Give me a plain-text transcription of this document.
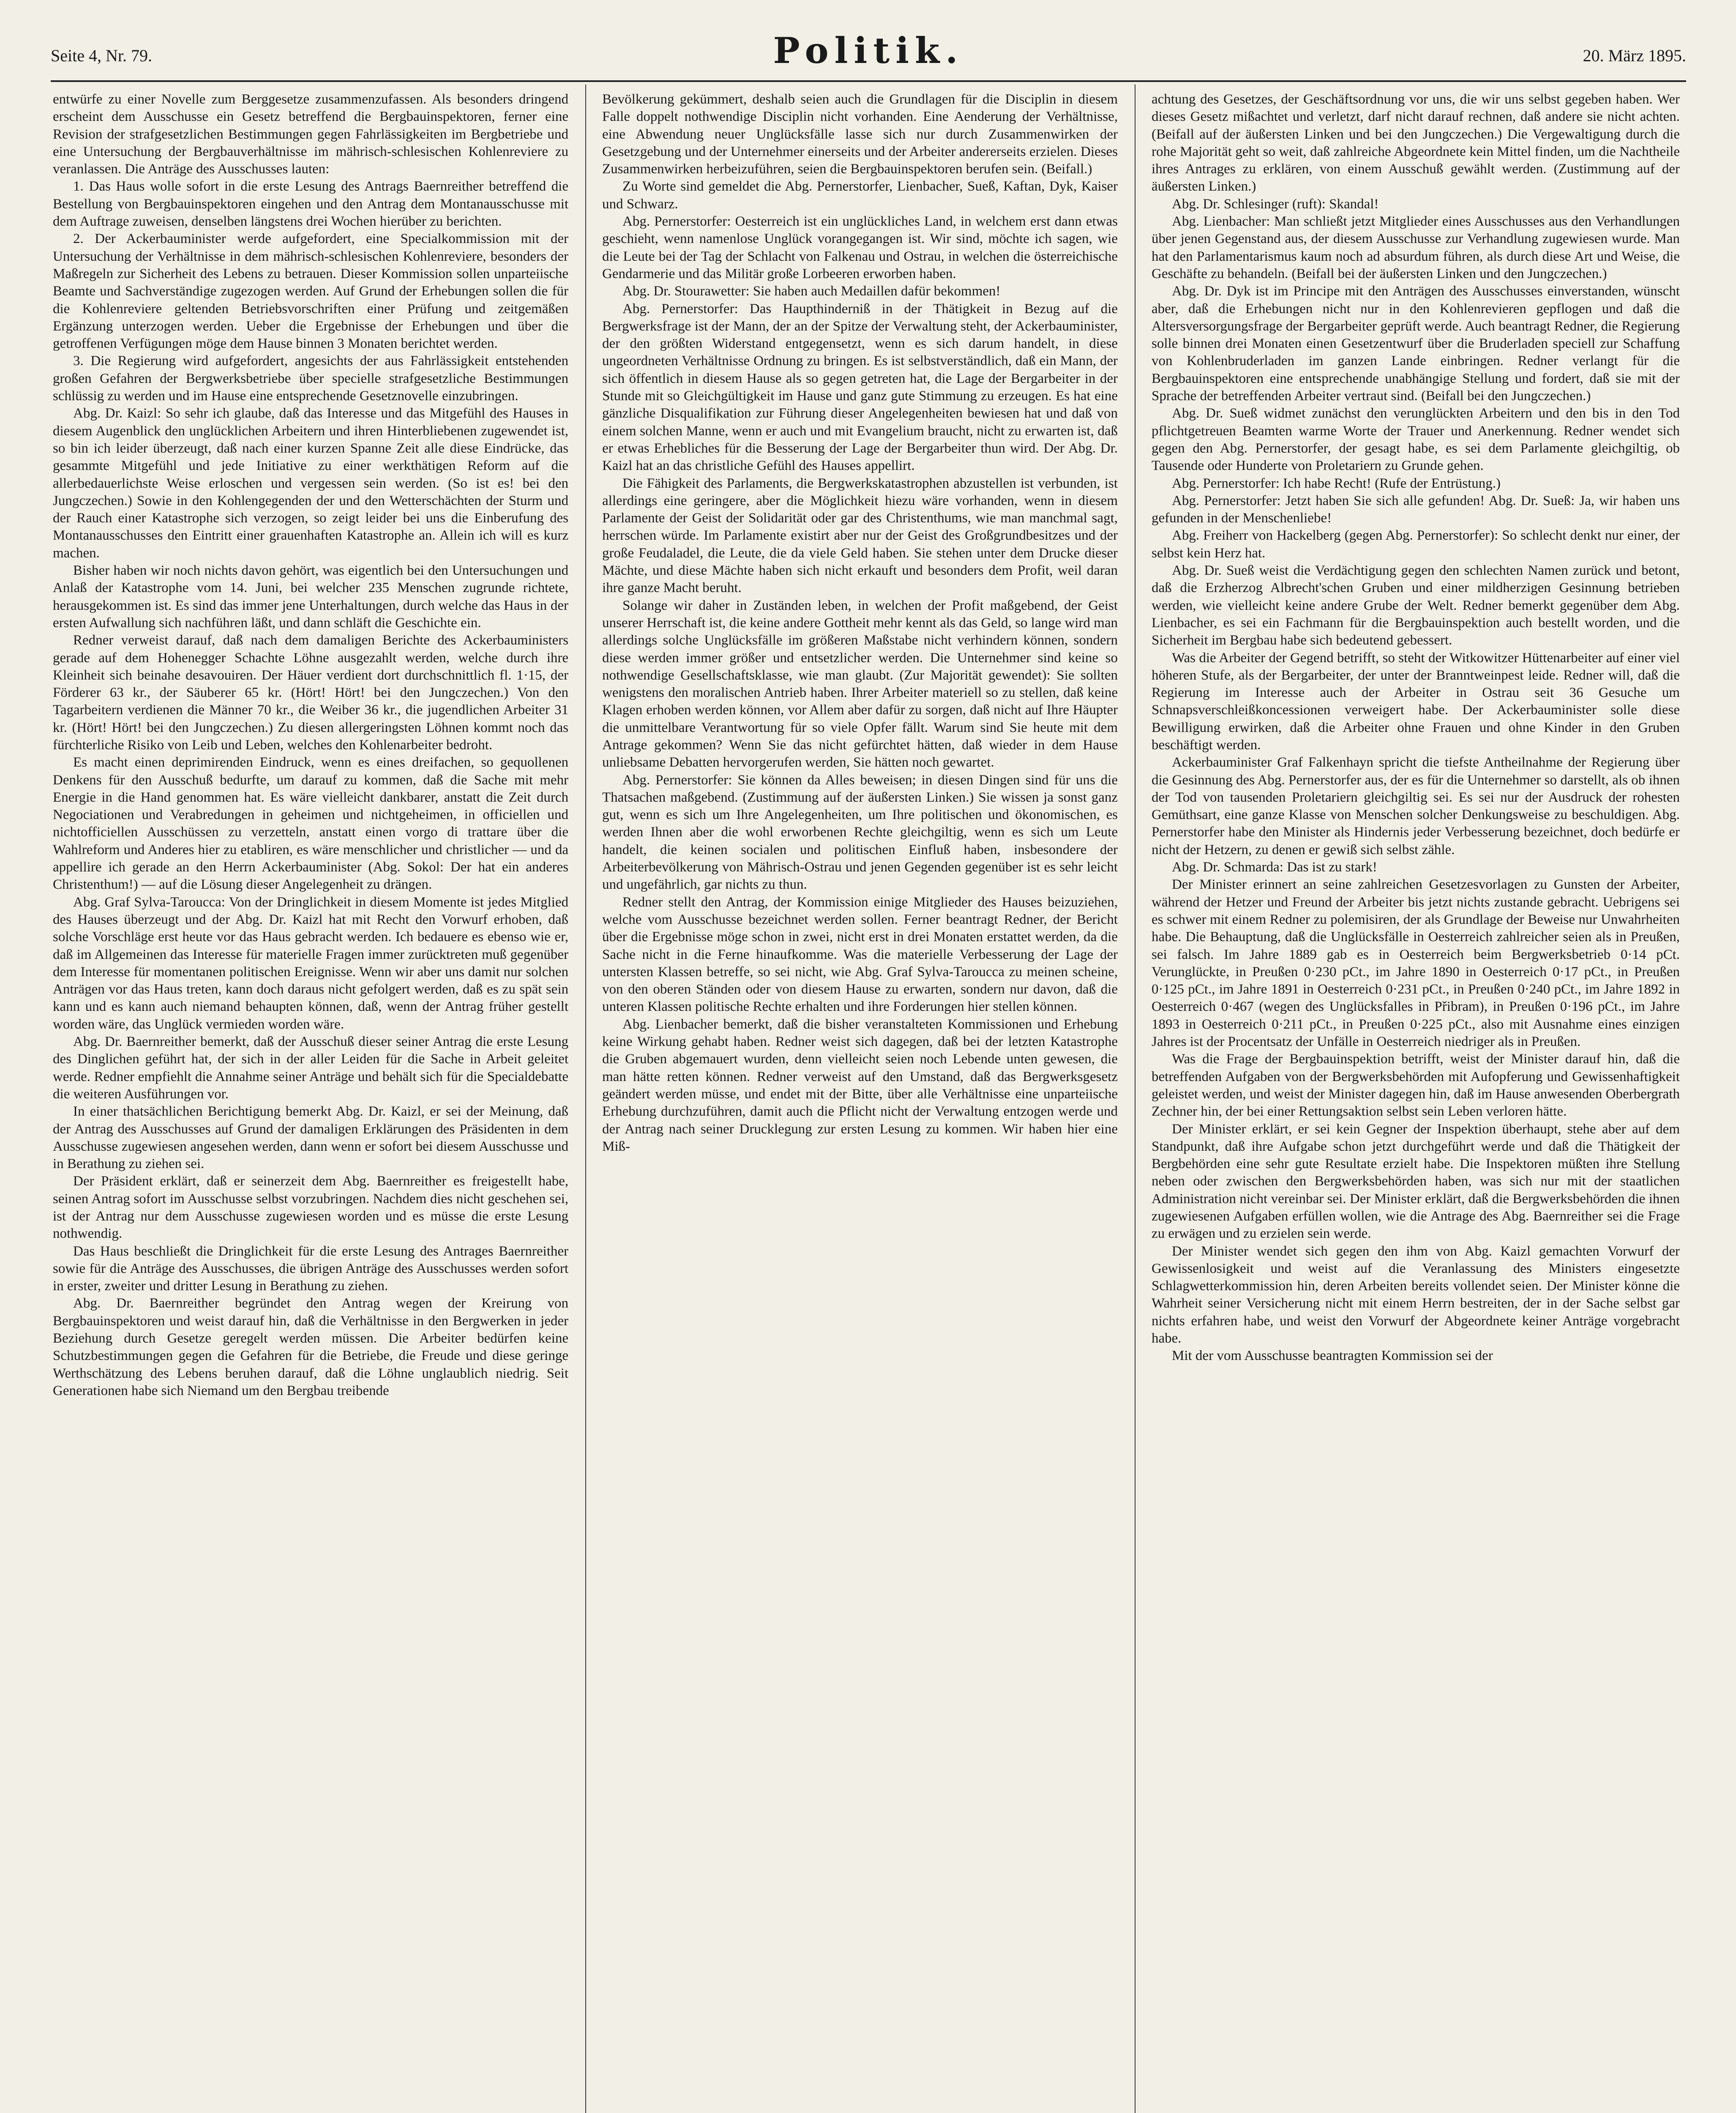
Seite 4, Nr. 79.	Politik.	20. März 1895.

entwürfe zu einer Novelle zum Berggesetze zusammenzufassen. Als besonders dringend erscheint dem Ausschusse ein Gesetz betreffend die Bergbauinspektoren, ferner eine Revision der strafgesetzlichen Bestimmungen gegen Fahrlässigkeiten im Bergbetriebe und eine Untersuchung der Bergbauverhältnisse im mährisch-schlesischen Kohlenreviere zu veranlassen. Die Anträge des Ausschusses lauten:

1. Das Haus wolle sofort in die erste Lesung des Antrags Baernreither betreffend die Bestellung von Bergbauinspektoren eingehen und den Antrag dem Montanausschusse mit dem Auftrage zuweisen, denselben längstens drei Wochen hierüber zu berichten.

2. Der Ackerbauminister werde aufgefordert, eine Specialkommission mit der Untersuchung der Verhältnisse in dem mährisch-schlesischen Kohlenreviere, besonders der Maßregeln zur Sicherheit des Lebens zu betrauen. Dieser Kommission sollen unparteiische Beamte und Sachverständige zugezogen werden. Auf Grund der Erhebungen sollen die für die Kohlenreviere geltenden Betriebsvorschriften einer Prüfung und zeitgemäßen Ergänzung unterzogen werden. Ueber die Ergebnisse der Erhebungen und über die getroffenen Verfügungen möge dem Hause binnen 3 Monaten berichtet werden.

3. Die Regierung wird aufgefordert, angesichts der aus Fahrlässigkeit entstehenden großen Gefahren der Bergwerksbetriebe über specielle strafgesetzliche Bestimmungen schlüssig zu werden und im Hause eine entsprechende Gesetznovelle einzubringen.

Abg. Dr. Kaizl: So sehr ich glaube, daß das Interesse und das Mitgefühl des Hauses in diesem Augenblick den unglücklichen Arbeitern und ihren Hinterbliebenen zugewendet ist, so bin ich leider überzeugt, daß nach einer kurzen Spanne Zeit alle diese Eindrücke, das gesammte Mitgefühl und jede Initiative zu einer werkthätigen Reform auf die allerbedauerlichste Weise erloschen und vergessen sein werden. (So ist es! bei den Jungczechen.) Sowie in den Kohlengegenden der und den Wetterschächten der Sturm und der Rauch einer Katastrophe sich verzogen, so zeigt leider bei uns die Einberufung des Montanausschusses den Eintritt einer grauenhaften Katastrophe an. Allein ich will es kurz machen.

Bisher haben wir noch nichts davon gehört, was eigentlich bei den Untersuchungen und Anlaß der Katastrophe vom 14. Juni, bei welcher 235 Menschen zugrunde richtete, herausgekommen ist. Es sind das immer jene Unterhaltungen, durch welche das Haus in der ersten Aufwallung sich nachführen läßt, und dann schläft die Geschichte ein.

Redner verweist darauf, daß nach dem damaligen Berichte des Ackerbauministers gerade auf dem Hohenegger Schachte Löhne ausgezahlt werden, welche durch ihre Kleinheit sich beinahe desavouiren. Der Häuer verdient dort durchschnittlich fl. 1·15, der Förderer 63 kr., der Säuberer 65 kr. (Hört! Hört! bei den Jungczechen.) Von den Tagarbeitern verdienen die Männer 70 kr., die Weiber 36 kr., die jugendlichen Arbeiter 31 kr. (Hört! Hört! bei den Jungczechen.) Zu diesen allergeringsten Löhnen kommt noch das fürchterliche Risiko von Leib und Leben, welches den Kohlenarbeiter bedroht.

Es macht einen deprimirenden Eindruck, wenn es eines dreifachen, so gequollenen Denkens für den Ausschuß bedurfte, um darauf zu kommen, daß die Sache mit mehr Energie in die Hand genommen hat. Es wäre vielleicht dankbarer, anstatt die Zeit durch Negociationen und Verabredungen in geheimen und nichtgeheimen, in officiellen und nichtofficiellen Ausschüssen zu verzetteln, anstatt einen vorgo di trattare über die Wahlreform und Anderes hier zu etabliren, es wäre menschlicher und christlicher — und da appellire ich gerade an den Herrn Ackerbauminister (Abg. Sokol: Der hat ein anderes Christenthum!) — auf die Lösung dieser Angelegenheit zu drängen.

Abg. Graf Sylva-Taroucca: Von der Dringlichkeit in diesem Momente ist jedes Mitglied des Hauses überzeugt und der Abg. Dr. Kaizl hat mit Recht den Vorwurf erhoben, daß solche Vorschläge erst heute vor das Haus gebracht werden. Ich bedauere es ebenso wie er, daß im Allgemeinen das Interesse für materielle Fragen immer zurücktreten muß gegenüber dem Interesse für momentanen politischen Ereignisse. Wenn wir aber uns damit nur solchen Anträgen vor das Haus treten, kann doch daraus nicht gefolgert werden, daß es zu spät sein kann und es kann auch niemand behaupten können, daß, wenn der Antrag früher gestellt worden wäre, das Unglück vermieden worden wäre.

Abg. Dr. Baernreither bemerkt, daß der Ausschuß dieser seiner Antrag die erste Lesung des Dinglichen geführt hat, der sich in der aller Leiden für die Sache in Arbeit geleitet werde. Redner empfiehlt die Annahme seiner Anträge und behält sich für die Specialdebatte die weiteren Ausführungen vor.

In einer thatsächlichen Berichtigung bemerkt Abg. Dr. Kaizl, er sei der Meinung, daß der Antrag des Ausschusses auf Grund der damaligen Erklärungen des Präsidenten in dem Ausschusse zugewiesen angesehen werden, dann wenn er sofort bei diesem Ausschusse und in Berathung zu ziehen sei.

Der Präsident erklärt, daß er seinerzeit dem Abg. Baernreither es freigestellt habe, seinen Antrag sofort im Ausschusse selbst vorzubringen. Nachdem dies nicht geschehen sei, ist der Antrag nur dem Ausschusse zugewiesen worden und es müsse die erste Lesung nothwendig.

Das Haus beschließt die Dringlichkeit für die erste Lesung des Antrages Baernreither sowie für die Anträge des Ausschusses, die übrigen Anträge des Ausschusses werden sofort in erster, zweiter und dritter Lesung in Berathung zu ziehen.

Abg. Dr. Baernreither begründet den Antrag wegen der Kreirung von Bergbauinspektoren und weist darauf hin, daß die Verhältnisse in den Bergwerken in jeder Beziehung durch Gesetze geregelt werden müssen. Die Arbeiter bedürfen keine Schutzbestimmungen gegen die Gefahren für die Betriebe, die Freude und diese geringe Werthschätzung des Lebens beruhen darauf, daß die Löhne unglaublich niedrig. Seit Generationen habe sich Niemand um den Bergbau treibende

Bevölkerung gekümmert, deshalb seien auch die Grundlagen für die Disciplin in diesem Falle doppelt nothwendige Disciplin nicht vorhanden. Eine Aenderung der Verhältnisse, eine Abwendung neuer Unglücksfälle lasse sich nur durch Zusammenwirken der Gesetzgebung und der Unternehmer einerseits und der Arbeiter andererseits erzielen. Dieses Zusammenwirken herbeizuführen, seien die Bergbauinspektoren berufen sein. (Beifall.)

Zu Worte sind gemeldet die Abg. Pernerstorfer, Lienbacher, Sueß, Kaftan, Dyk, Kaiser und Schwarz.

Abg. Pernerstorfer: Oesterreich ist ein unglückliches Land, in welchem erst dann etwas geschieht, wenn namenlose Unglück vorangegangen ist. Wir sind, möchte ich sagen, wie die Leute bei der Tag der Schlacht von Falkenau und Ostrau, in welchen die österreichische Gendarmerie und das Militär große Lorbeeren erworben haben.

Abg. Dr. Stourawetter: Sie haben auch Medaillen dafür bekommen!

Abg. Pernerstorfer: Das Haupthinderniß in der Thätigkeit in Bezug auf die Bergwerksfrage ist der Mann, der an der Spitze der Verwaltung steht, der Ackerbauminister, der den größten Widerstand entgegensetzt, wenn es sich darum handelt, in diese ungeordneten Verhältnisse Ordnung zu bringen. Es ist selbstverständlich, daß ein Mann, der sich öffentlich in diesem Hause als so gegen getreten hat, die Lage der Bergarbeiter in der Stunde mit so Gleichgültigkeit im Hause und ganz gute Stimmung zu erzeugen. Es hat eine gänzliche Disqualifikation zur Führung dieser Angelegenheiten bewiesen hat und daß von einem solchen Manne, wenn er auch und mit Evangelium braucht, nicht zu erwarten ist, daß er etwas Erhebliches für die Besserung der Lage der Bergarbeiter thun wird. Der Abg. Dr. Kaizl hat an das christliche Gefühl des Hauses appellirt.

Die Fähigkeit des Parlaments, die Bergwerkskatastrophen abzustellen ist verbunden, ist allerdings eine geringere, aber die Möglichkeit hiezu wäre vorhanden, wenn in diesem Parlamente der Geist der Solidarität oder gar des Christenthums, wie man manchmal sagt, herrschen würde. Im Parlamente existirt aber nur der Geist des Großgrundbesitzes und der große Feudaladel, die Leute, die da viele Geld haben. Sie stehen unter dem Drucke dieser Mächte, und diese Mächte haben sich nicht erkauft und besonders dem Profit, weil daran ihre ganze Macht beruht.

Solange wir daher in Zuständen leben, in welchen der Profit maßgebend, der Geist unserer Herrschaft ist, die keine andere Gottheit mehr kennt als das Geld, so lange wird man allerdings solche Unglücksfälle im größeren Maßstabe nicht verhindern können, sondern diese werden immer größer und entsetzlicher werden. Die Unternehmer sind keine so nothwendige Gesellschaftsklasse, wie man glaubt. (Zur Majorität gewendet): Sie sollten wenigstens den moralischen Antrieb haben. Ihrer Arbeiter materiell so zu stellen, daß keine Klagen erhoben werden können, vor Allem aber dafür zu sorgen, daß nicht auf Ihre Häupter die unmittelbare Verantwortung für so viele Opfer fällt. Warum sind Sie heute mit dem Antrage gekommen? Wenn Sie das nicht gefürchtet hätten, daß wieder in dem Hause unliebsame Debatten hervorgerufen werden, Sie hätten noch gewartet.

Abg. Pernerstorfer: Sie können da Alles beweisen; in diesen Dingen sind für uns die Thatsachen maßgebend. (Zustimmung auf der äußersten Linken.) Sie wissen ja sonst ganz gut, wenn es sich um Ihre Angelegenheiten, um Ihre politischen und ökonomischen, es werden Ihnen aber die wohl erworbenen Rechte gleichgiltig, wenn es sich um Leute handelt, die keinen socialen und politischen Einfluß haben, insbesondere der Arbeiterbevölkerung von Mährisch-Ostrau und jenen Gegenden gegenüber ist es sehr leicht und ungefährlich, gar nichts zu thun.

Redner stellt den Antrag, der Kommission einige Mitglieder des Hauses beizuziehen, welche vom Ausschusse bezeichnet werden sollen. Ferner beantragt Redner, der Bericht über die Ergebnisse möge schon in zwei, nicht erst in drei Monaten erstattet werden, da die Sache nicht in die Ferne hinaufkomme. Was die materielle Verbesserung der Lage der untersten Klassen betreffe, so sei nicht, wie Abg. Graf Sylva-Taroucca zu meinen scheine, von den oberen Ständen oder von diesem Hause zu erwarten, sondern nur davon, daß die unteren Klassen politische Rechte erhalten und ihre Forderungen hier stellen können.

Abg. Lienbacher bemerkt, daß die bisher veranstalteten Kommissionen und Erhebung keine Wirkung gehabt haben. Redner weist sich dagegen, daß bei der letzten Katastrophe die Gruben abgemauert wurden, denn vielleicht seien noch Lebende unten gewesen, die man hätte retten können. Redner verweist auf den Umstand, daß das Bergwerksgesetz geändert werden müsse, und endet mit der Bitte, über alle Verhältnisse eine unparteiische Erhebung durchzuführen, damit auch die Pflicht nicht der Verwaltung entzogen werde und der Antrag nach seiner Drucklegung zur ersten Lesung zu kommen. Wir haben hier eine Miß-

achtung des Gesetzes, der Geschäftsordnung vor uns, die wir uns selbst gegeben haben. Wer dieses Gesetz mißachtet und verletzt, darf nicht darauf rechnen, daß andere sie nicht achten. (Beifall auf der äußersten Linken und bei den Jungczechen.) Die Vergewaltigung durch die rohe Majorität geht so weit, daß zahlreiche Abgeordnete kein Mittel finden, um die Nachtheile ihres Antrages zu erklären, von einem Ausschuß gewählt werden. (Zustimmung auf der äußersten Linken.)

Abg. Dr. Schlesinger (ruft): Skandal!

Abg. Lienbacher: Man schließt jetzt Mitglieder eines Ausschusses aus den Verhandlungen über jenen Gegenstand aus, der diesem Ausschusse zur Verhandlung zugewiesen wurde. Man hat den Parlamentarismus kaum noch ad absurdum führen, als durch diese Art und Weise, die Geschäfte zu behandeln. (Beifall bei der äußersten Linken und den Jungczechen.)

Abg. Dr. Dyk ist im Principe mit den Anträgen des Ausschusses einverstanden, wünscht aber, daß die Erhebungen nicht nur in den Kohlenrevieren gepflogen und daß die Altersversorgungsfrage der Bergarbeiter geprüft werde. Auch beantragt Redner, die Regierung solle binnen drei Monaten einen Gesetzentwurf über die Bruderladen speciell zur Schaffung von Kohlenbruderladen im ganzen Lande einbringen. Redner verlangt für die Bergbauinspektoren eine entsprechende unabhängige Stellung und fordert, daß sie mit der Sprache der betreffenden Arbeiter vertraut sind. (Beifall bei den Jungczechen.)

Abg. Dr. Sueß widmet zunächst den verunglückten Arbeitern und den bis in den Tod pflichtgetreuen Beamten warme Worte der Trauer und Anerkennung. Redner wendet sich gegen den Abg. Pernerstorfer, der gesagt habe, es sei dem Parlamente gleichgiltig, ob Tausende oder Hunderte von Proletariern zu Grunde gehen.

Abg. Pernerstorfer: Ich habe Recht! (Rufe der Entrüstung.)

Abg. Pernerstorfer: Jetzt haben Sie sich alle gefunden! Abg. Dr. Sueß: Ja, wir haben uns gefunden in der Menschenliebe!

Abg. Freiherr von Hackelberg (gegen Abg. Pernerstorfer): So schlecht denkt nur einer, der selbst kein Herz hat.

Abg. Dr. Sueß weist die Verdächtigung gegen den schlechten Namen zurück und betont, daß die Erzherzog Albrecht'schen Gruben und einer mildherzigen Gesinnung betrieben werden, wie vielleicht keine andere Grube der Welt. Redner bemerkt gegenüber dem Abg. Lienbacher, es sei ein Fachmann für die Bergbauinspektion auch bestellt worden, und die Sicherheit im Bergbau habe sich bedeutend gebessert.

Was die Arbeiter der Gegend betrifft, so steht der Witkowitzer Hüttenarbeiter auf einer viel höheren Stufe, als der Bergarbeiter, der unter der Branntweinpest leide. Redner will, daß die Regierung im Interesse auch der Arbeiter in Ostrau seit 36 Gesuche um Schnapsverschleißkoncessionen verweigert habe. Der Ackerbauminister solle diese Bewilligung erwirken, daß die Arbeiter ohne Frauen und ohne Kinder in den Gruben beschäftigt werden.

Ackerbauminister Graf Falkenhayn spricht die tiefste Antheilnahme der Regierung über die Gesinnung des Abg. Pernerstorfer aus, der es für die Unternehmer so darstellt, als ob ihnen der Tod von tausenden Proletariern gleichgiltig sei. Es sei nur der Ausdruck der rohesten Gemüthsart, eine ganze Klasse von Menschen solcher Denkungsweise zu beschuldigen. Abg. Pernerstorfer habe den Minister als Hindernis jeder Verbesserung bezeichnet, doch bedürfe er nicht der Hetzern, zu denen er gewiß sich selbst zähle.

Abg. Dr. Schmarda: Das ist zu stark!

Der Minister erinnert an seine zahlreichen Gesetzesvorlagen zu Gunsten der Arbeiter, während der Hetzer und Freund der Arbeiter bis jetzt nichts zustande gebracht. Uebrigens sei es schwer mit einem Redner zu polemisiren, der als Grundlage der Beweise nur Unwahrheiten habe. Die Behauptung, daß die Unglücksfälle in Oesterreich zahlreicher seien als in Preußen, sei falsch. Im Jahre 1889 gab es in Oesterreich beim Bergwerksbetrieb 0·14 pCt. Verunglückte, in Preußen 0·230 pCt., im Jahre 1890 in Oesterreich 0·17 pCt., in Preußen 0·125 pCt., im Jahre 1891 in Oesterreich 0·231 pCt., in Preußen 0·240 pCt., im Jahre 1892 in Oesterreich 0·467 (wegen des Unglücksfalles in Přibram), in Preußen 0·196 pCt., im Jahre 1893 in Oesterreich 0·211 pCt., in Preußen 0·225 pCt., also mit Ausnahme eines einzigen Jahres ist der Procentsatz der Unfälle in Oesterreich niedriger als in Preußen.

Was die Frage der Bergbauinspektion betrifft, weist der Minister darauf hin, daß die betreffenden Aufgaben von der Bergwerksbehörden mit Aufopferung und Gewissenhaftigkeit geleistet werden, und weist der Minister dagegen hin, daß im Hause anwesenden Oberbergrath Zechner hin, der bei einer Rettungsaktion selbst sein Leben verloren hätte.

Der Minister erklärt, er sei kein Gegner der Inspektion überhaupt, stehe aber auf dem Standpunkt, daß ihre Aufgabe schon jetzt durchgeführt werde und daß die Thätigkeit der Bergbehörden eine sehr gute Resultate erzielt habe. Die Inspektoren müßten ihre Stellung neben oder zwischen den Bergwerksbehörden haben, was sich nur mit der staatlichen Administration nicht vereinbar sei. Der Minister erklärt, daß die Bergwerksbehörden die ihnen zugewiesenen Aufgaben erfüllen wollen, wie die Antrage des Abg. Baernreither sei die Frage zu erwägen und zu erzielen sein werde.

Der Minister wendet sich gegen den ihm von Abg. Kaizl gemachten Vorwurf der Gewissenlosigkeit und weist auf die Veranlassung des Ministers eingesetzte Schlagwetterkommission hin, deren Arbeiten bereits vollendet seien. Der Minister könne die Wahrheit seiner Versicherung nicht mit einem Herrn bestreiten, der in der Sache selbst gar nichts erfahren habe, und weist den Vorwurf der Abgeordnete keiner Anträge vorgebracht habe.

Mit der vom Ausschusse beantragten Kommission sei der
